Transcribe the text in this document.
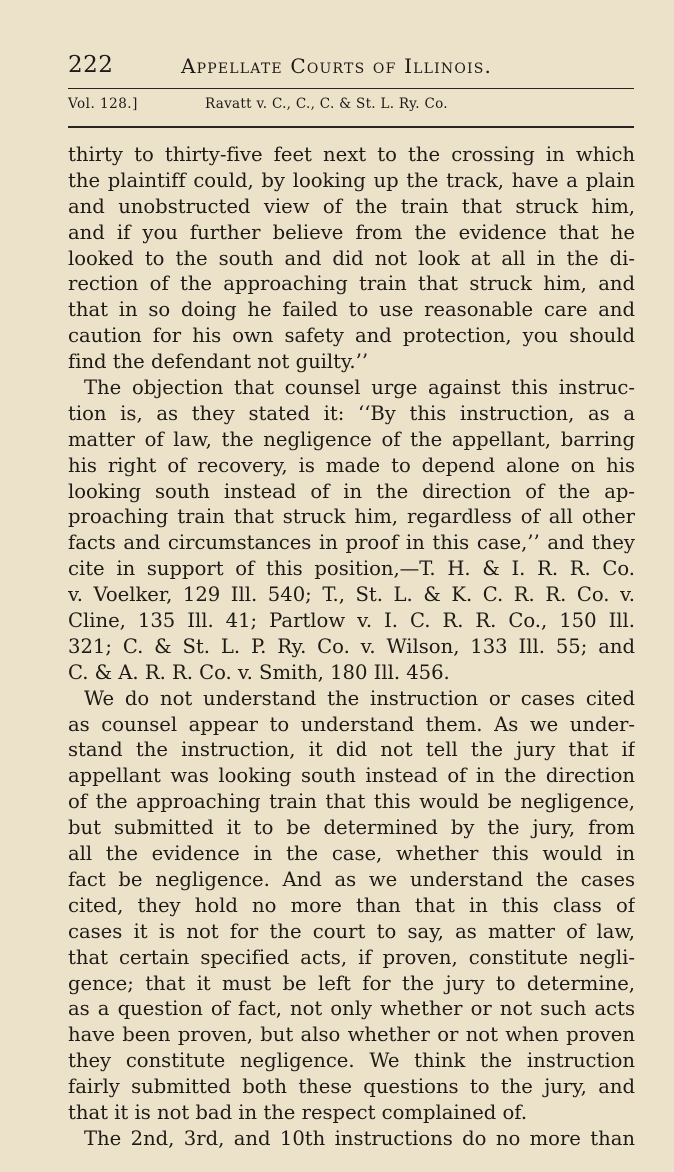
222	Appellate Courts of Illinois.
Vol. 128.]	Ravatt v. C., C., C. & St. L. Ry. Co.
thirty to thirty-five feet next to the crossing in which
the plaintiff could, by looking up the track, have a plain
and unobstructed view of the train that struck him,
and if you further believe from the evidence that he
looked to the south and did not look at all in the di-
rection of the approaching train that struck him, and
that in so doing he failed to use reasonable care and
caution for his own safety and protection, you should
find the defendant not guilty.’’
The objection that counsel urge against this instruc-
tion is, as they stated it: ‘‘By this instruction, as a
matter of law, the negligence of the appellant, barring
his right of recovery, is made to depend alone on his
looking south instead of in the direction of the ap-
proaching train that struck him, regardless of all other
facts and circumstances in proof in this case,’’ and they
cite in support of this position,—T. H. & I. R. R. Co.
v. Voelker, 129 Ill. 540; T., St. L. & K. C. R. R. Co. v.
Cline, 135 Ill. 41; Partlow v. I. C. R. R. Co., 150 Ill.
321; C. & St. L. P. Ry. Co. v. Wilson, 133 Ill. 55; and
C. & A. R. R. Co. v. Smith, 180 Ill. 456.
We do not understand the instruction or cases cited
as counsel appear to understand them. As we under-
stand the instruction, it did not tell the jury that if
appellant was looking south instead of in the direction
of the approaching train that this would be negligence,
but submitted it to be determined by the jury, from
all the evidence in the case, whether this would in
fact be negligence. And as we understand the cases
cited, they hold no more than that in this class of
cases it is not for the court to say, as matter of law,
that certain specified acts, if proven, constitute negli-
gence; that it must be left for the jury to determine,
as a question of fact, not only whether or not such acts
have been proven, but also whether or not when proven
they constitute negligence. We think the instruction
fairly submitted both these questions to the jury, and
that it is not bad in the respect complained of.
The 2nd, 3rd, and 10th instructions do no more than
